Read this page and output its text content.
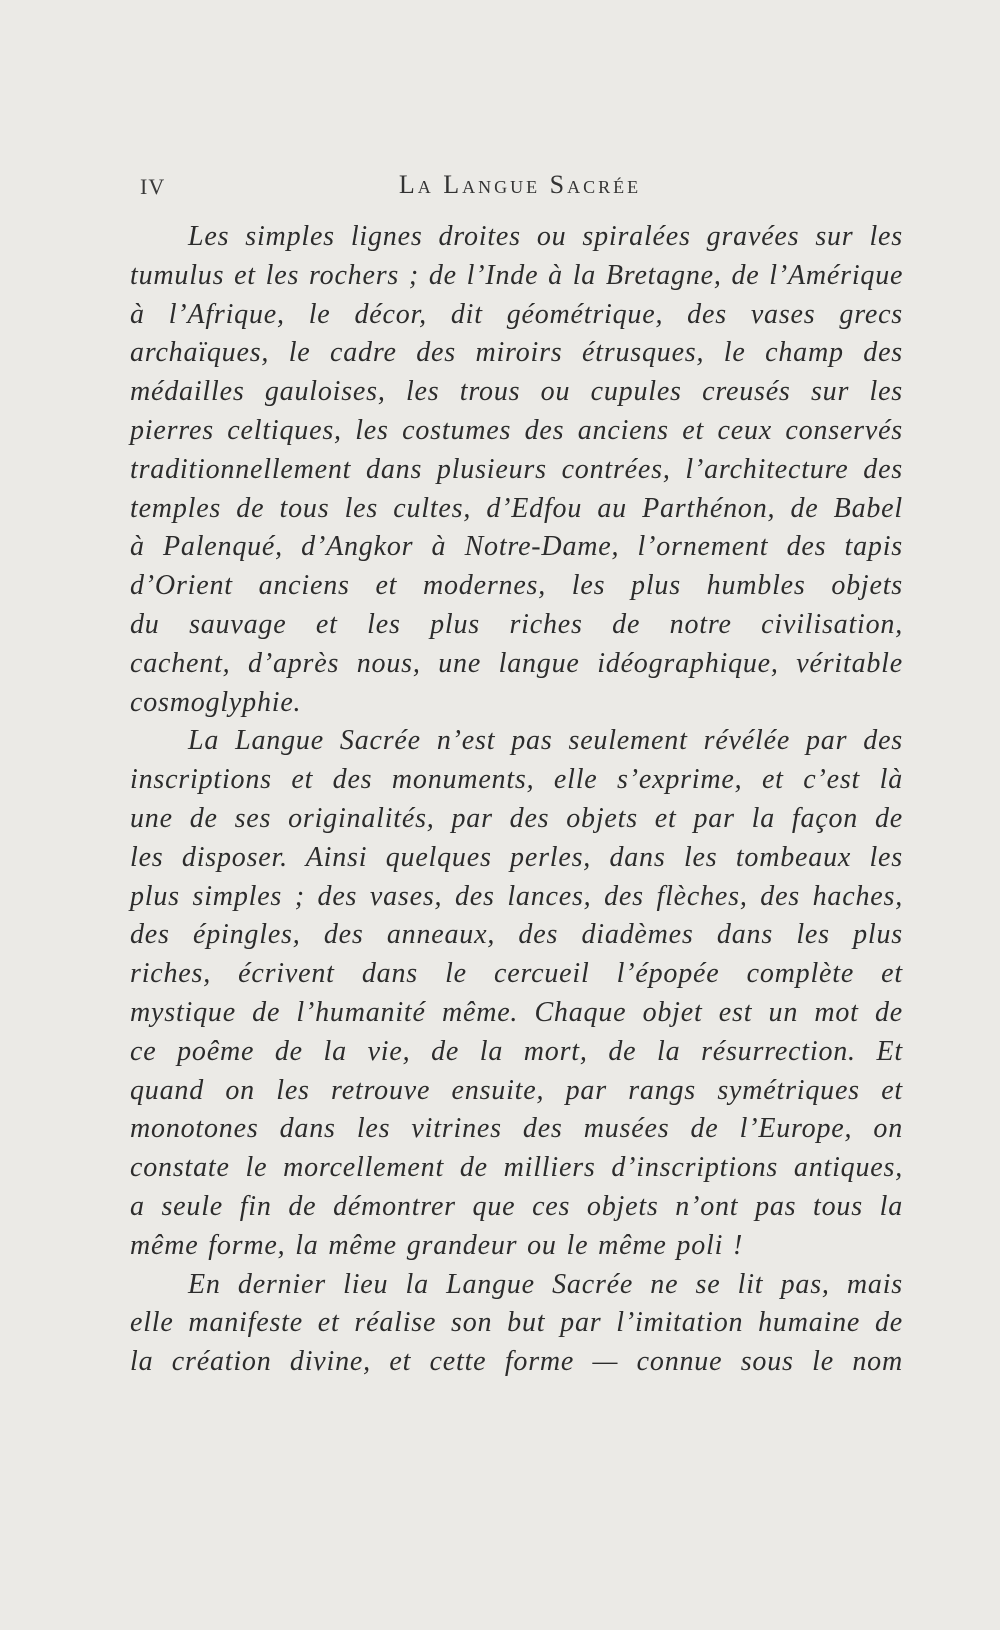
IV	La Langue Sacrée

Les simples lignes droites ou spiralées gravées sur les
tumulus et les rochers ; de l’Inde à la Bretagne, de l’Amérique
à l’Afrique, le décor, dit géométrique, des vases grecs
archaïques, le cadre des miroirs étrusques, le champ des
médailles gauloises, les trous ou cupules creusés sur les
pierres celtiques, les costumes des anciens et ceux conservés
traditionnellement dans plusieurs contrées, l’architecture des
temples de tous les cultes, d’Edfou au Parthénon, de Babel
à Palenqué, d’Angkor à Notre-Dame, l’ornement des tapis
d’Orient anciens et modernes, les plus humbles objets
du sauvage et les plus riches de notre civilisation,
cachent, d’après nous, une langue idéographique, véritable
cosmoglyphie.

La Langue Sacrée n’est pas seulement révélée par des
inscriptions et des monuments, elle s’exprime, et c’est là
une de ses originalités, par des objets et par la façon de
les disposer. Ainsi quelques perles, dans les tombeaux les
plus simples ; des vases, des lances, des flèches, des haches,
des épingles, des anneaux, des diadèmes dans les plus
riches, écrivent dans le cercueil l’épopée complète et
mystique de l’humanité même. Chaque objet est un mot de
ce poême de la vie, de la mort, de la résurrection. Et
quand on les retrouve ensuite, par rangs symétriques et
monotones dans les vitrines des musées de l’Europe, on
constate le morcellement de milliers d’inscriptions antiques,
a seule fin de démontrer que ces objets n’ont pas tous la
même forme, la même grandeur ou le même poli !

En dernier lieu la Langue Sacrée ne se lit pas, mais
elle manifeste et réalise son but par l’imitation humaine de
la création divine, et cette forme — connue sous le nom
